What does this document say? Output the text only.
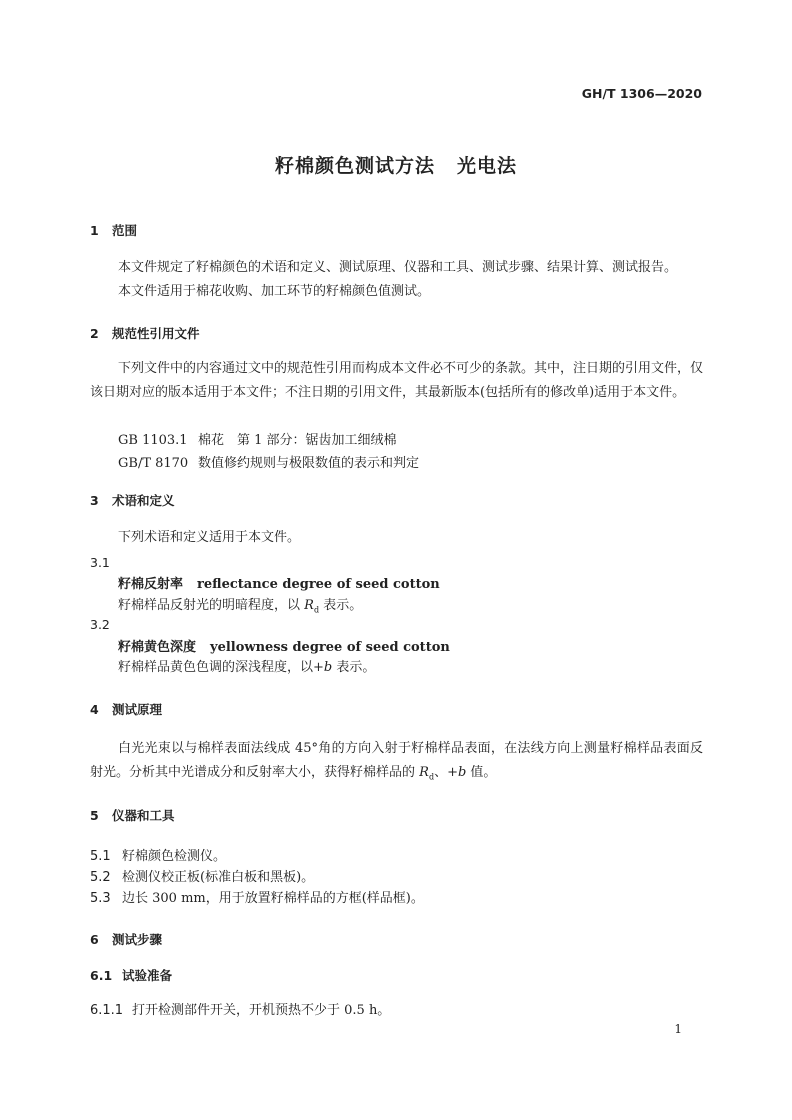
GH/T 1306—2020
籽棉颜色测试方法 光电法
1 范围
本文件规定了籽棉颜色的术语和定义、测试原理、仪器和工具、测试步骤、结果计算、测试报告。
本文件适用于棉花收购、加工环节的籽棉颜色值测试。
2 规范性引用文件
下列文件中的内容通过文中的规范性引用而构成本文件必不可少的条款。其中，注日期的引用文件，仅该日期对应的版本适用于本文件；不注日期的引用文件，其最新版本(包括所有的修改单)适用于本文件。
GB 1103.1 棉花　第 1 部分：锯齿加工细绒棉
GB/T 8170 数值修约规则与极限数值的表示和判定
3 术语和定义
下列术语和定义适用于本文件。
3.1
籽棉反射率 reflectance degree of seed cotton
籽棉样品反射光的明暗程度，以 $R_d$ 表示。
3.2
籽棉黄色深度 yellowness degree of seed cotton
籽棉样品黄色色调的深浅程度，以+b 表示。
4 测试原理
白光光束以与棉样表面法线成 45°角的方向入射于籽棉样品表面，在法线方向上测量籽棉样品表面反射光。分析其中光谱成分和反射率大小，获得籽棉样品的 $R_d$、+b 值。
5 仪器和工具
5.1 籽棉颜色检测仪。
5.2 检测仪校正板(标准白板和黑板)。
5.3 边长 300 mm，用于放置籽棉样品的方框(样品框)。
6 测试步骤
6.1 试验准备
6.1.1 打开检测部件开关，开机预热不少于 0.5 h。
1
